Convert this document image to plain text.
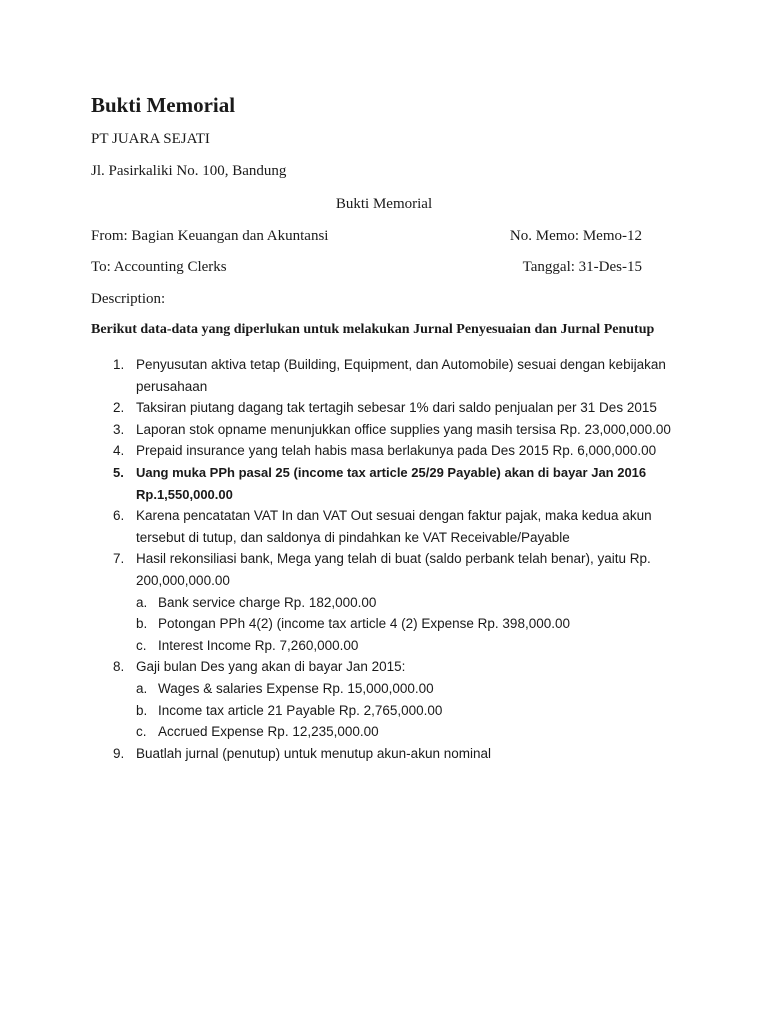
Bukti Memorial
PT JUARA SEJATI
Jl. Pasirkaliki No. 100, Bandung
Bukti Memorial
From: Bagian Keuangan dan Akuntansi	No. Memo: Memo-12
To: Accounting Clerks	Tanggal: 31-Des-15
Description:
Berikut data-data yang diperlukan untuk melakukan Jurnal Penyesuaian dan Jurnal Penutup
1. Penyusutan aktiva tetap (Building, Equipment, dan Automobile) sesuai dengan kebijakan perusahaan
2. Taksiran piutang dagang tak tertagih sebesar 1% dari saldo penjualan per 31 Des 2015
3. Laporan stok opname menunjukkan office supplies yang masih tersisa Rp. 23,000,000.00
4. Prepaid insurance yang telah habis masa berlakunya pada Des 2015 Rp. 6,000,000.00
5. Uang muka PPh pasal 25 (income tax article 25/29 Payable) akan di bayar Jan 2016 Rp.1,550,000.00
6. Karena pencatatan VAT In dan VAT Out sesuai dengan faktur pajak, maka kedua akun tersebut di tutup, dan saldonya di pindahkan ke VAT Receivable/Payable
7. Hasil rekonsiliasi bank, Mega yang telah di buat (saldo perbank telah benar), yaitu Rp. 200,000,000.00
a. Bank service charge Rp. 182,000.00
b. Potongan PPh 4(2) (income tax article 4 (2) Expense Rp. 398,000.00
c. Interest Income Rp. 7,260,000.00
8. Gaji bulan Des yang akan di bayar Jan 2015:
a. Wages & salaries Expense Rp. 15,000,000.00
b. Income tax article 21 Payable Rp. 2,765,000.00
c. Accrued Expense Rp. 12,235,000.00
9. Buatlah jurnal (penutup) untuk menutup akun-akun nominal
